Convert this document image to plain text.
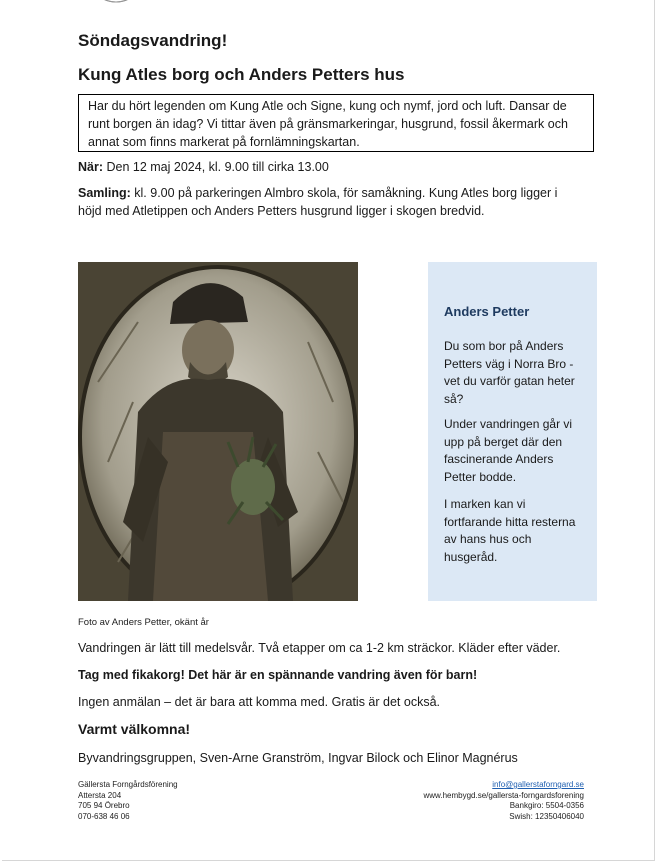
Söndagsvandring!
Kung Atles borg och Anders Petters hus
Har du hört legenden om Kung Atle och Signe, kung och nymf, jord och luft. Dansar de runt borgen än idag? Vi tittar även på gränsmarkeringar, husgrund, fossil åkermark och annat som finns markerat på fornlämningskartan.

När: Den 12 maj 2024, kl. 9.00 till cirka 13.00

Samling: kl. 9.00 på parkeringen Almbro skola, för samåkning. Kung Atles borg ligger i

höjd med Atletippen och Anders Petters husgrund ligger i skogen bredvid.

Anders Petter

Du som bor på Anders Petters väg i Norra Bro - vet du varför gatan heter så?

Under vandringen går vi upp på berget där den fascinerande Anders Petter bodde.

I marken kan vi fortfarande hitta resterna av hans hus och husgeråd.

Foto av Anders Petter, okänt år

Vandringen är lätt till medelsvår. Två etapper om ca 1-2 km sträckor. Kläder efter väder.

Tag med fikakorg! Det här är en spännande vandring även för barn!

Ingen anmälan – det är bara att komma med. Gratis är det också.

Varmt välkomna!

Byvandringsgruppen, Sven-Arne Granström, Ingvar Bilock och Elinor Magnérus

Gällersta Forngårdsförening
Attersta 204
705 94 Örebro
070-638 46 06
info@gallerstaforngard.se
www.hembygd.se/gallersta-forngardsforening
Bankgiro: 5504-0356
Swish: 12350406040
